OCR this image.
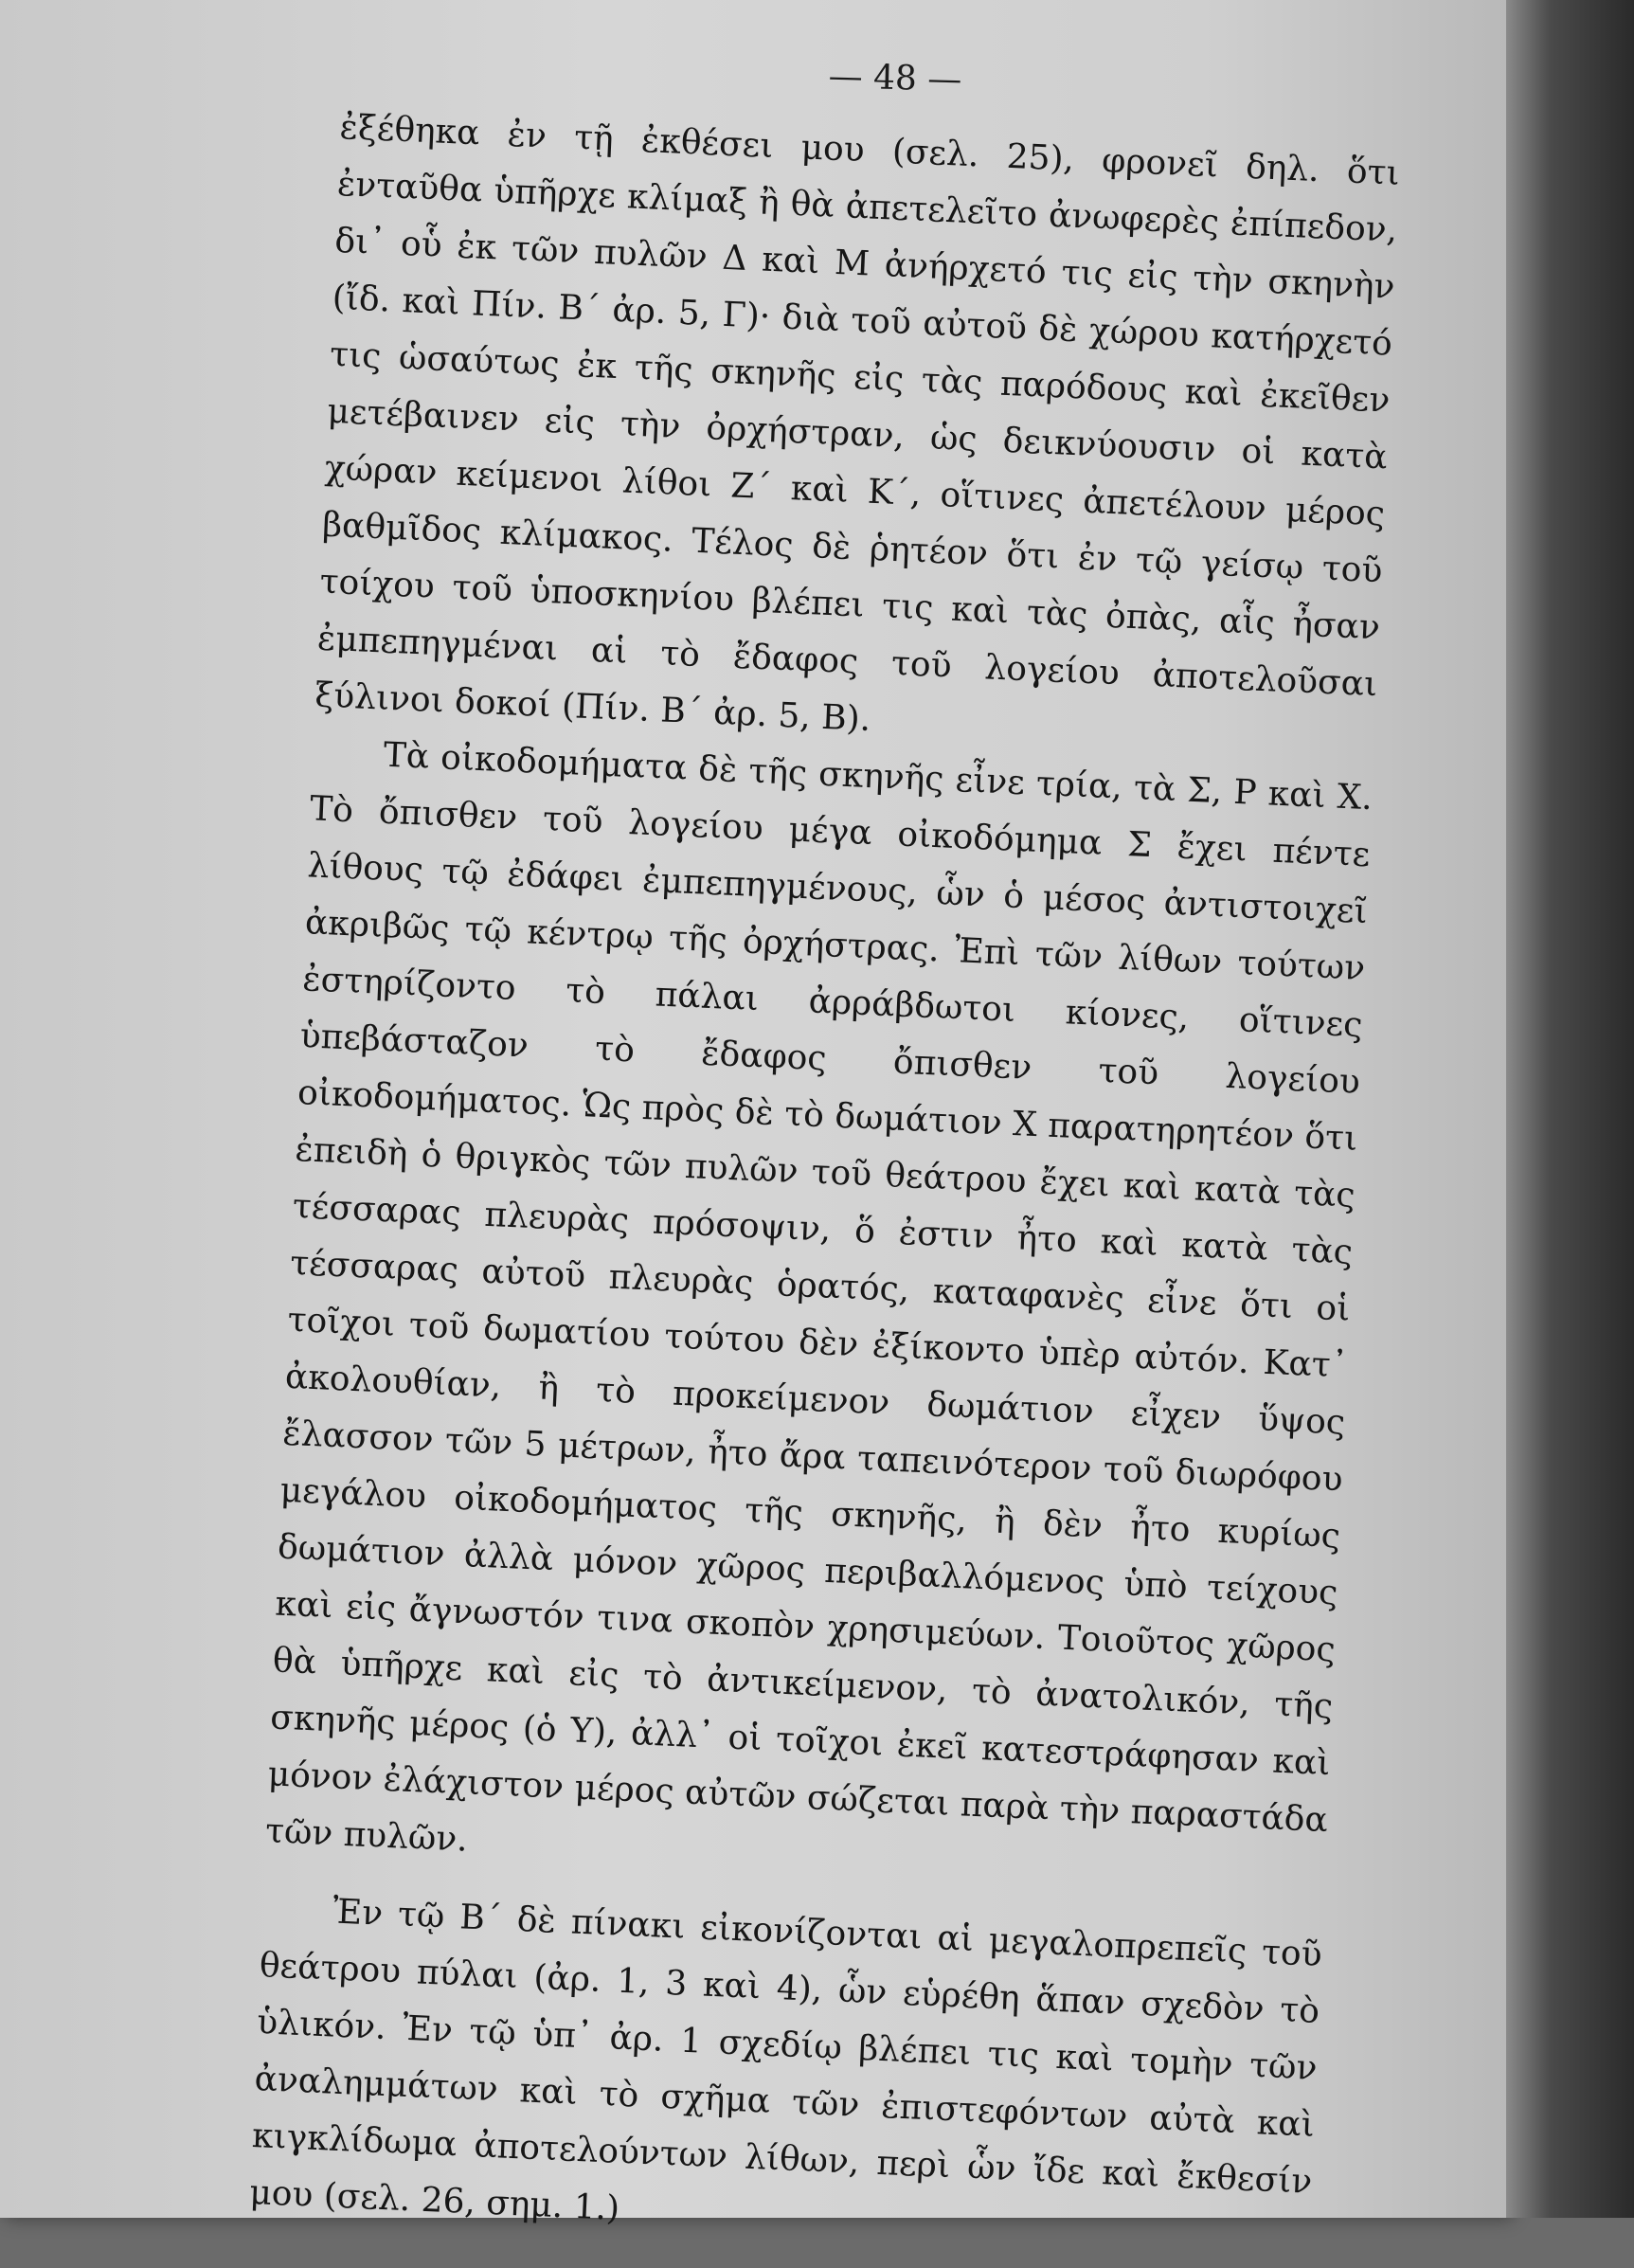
— 48 —

ἐξέθηκα ἐν τῇ ἐκθέσει μου (σελ. 25), φρονεῖ δηλ. ὅτι ἐνταῦθα ὑπῆρχε κλίμαξ ἢ θὰ ἀπετελεῖτο ἀνωφερὲς ἐπίπεδον, δι᾽ οὗ ἐκ τῶν πυλῶν Δ καὶ Μ ἀνήρχετό τις εἰς τὴν σκηνὴν (ἴδ. καὶ Πίν. Β´ ἀρ. 5, Γ)· διὰ τοῦ αὐτοῦ δὲ χώρου κατήρχετό τις ὡσαύτως ἐκ τῆς σκηνῆς εἰς τὰς παρόδους καὶ ἐκεῖθεν μετέβαινεν εἰς τὴν ὀρχήστραν, ὡς δεικνύουσιν οἱ κατὰ χώραν κείμενοι λίθοι Ζ´ καὶ Κ´, οἵτινες ἀπετέλουν μέρος βαθμῖδος κλίμακος. Τέλος δὲ ῥητέον ὅτι ἐν τῷ γείσῳ τοῦ τοίχου τοῦ ὑποσκηνίου βλέπει τις καὶ τὰς ὀπὰς, αἷς ἦσαν ἐμπεπηγμέναι αἱ τὸ ἔδαφος τοῦ λογείου ἀποτελοῦσαι ξύλινοι δοκοί (Πίν. Β´ ἀρ. 5, Β).

Τὰ οἰκοδομήματα δὲ τῆς σκηνῆς εἶνε τρία, τὰ Σ, Ρ καὶ Χ. Τὸ ὄπισθεν τοῦ λογείου μέγα οἰκοδόμημα Σ ἔχει πέντε λίθους τῷ ἐδάφει ἐμπεπηγμένους, ὧν ὁ μέσος ἀντιστοιχεῖ ἀκριβῶς τῷ κέντρῳ τῆς ὀρχήστρας. Ἐπὶ τῶν λίθων τούτων ἐστηρίζοντο τὸ πάλαι ἀρράβδωτοι κίονες, οἵτινες ὑπεβάσταζον τὸ ἔδαφος ὄπισθεν τοῦ λογείου οἰκοδομήματος. Ὡς πρὸς δὲ τὸ δωμάτιον Χ παρατηρητέον ὅτι ἐπειδὴ ὁ θριγκὸς τῶν πυλῶν τοῦ θεάτρου ἔχει καὶ κατὰ τὰς τέσσαρας πλευρὰς πρόσοψιν, ὅ ἐστιν ἦτο καὶ κατὰ τὰς τέσσαρας αὐτοῦ πλευρὰς ὁρατός, καταφανὲς εἶνε ὅτι οἱ τοῖχοι τοῦ δωματίου τούτου δὲν ἐξίκοντο ὑπὲρ αὐτόν. Κατ᾽ ἀκολουθίαν, ἢ τὸ προκείμενον δωμάτιον εἶχεν ὕψος ἔλασσον τῶν 5 μέτρων, ἦτο ἄρα ταπεινότερον τοῦ διωρόφου μεγάλου οἰκοδομήματος τῆς σκηνῆς, ἢ δὲν ἦτο κυρίως δωμάτιον ἀλλὰ μόνον χῶρος περιβαλλόμενος ὑπὸ τείχους καὶ εἰς ἄγνωστόν τινα σκοπὸν χρησιμεύων. Τοιοῦτος χῶρος θὰ ὑπῆρχε καὶ εἰς τὸ ἀντικείμενον, τὸ ἀνατολικόν, τῆς σκηνῆς μέρος (ὁ Υ), ἀλλ᾽ οἱ τοῖχοι ἐκεῖ κατεστράφησαν καὶ μόνον ἐλάχιστον μέρος αὐτῶν σώζεται παρὰ τὴν παραστάδα τῶν πυλῶν.

Ἐν τῷ Β´ δὲ πίνακι εἰκονίζονται αἱ μεγαλοπρεπεῖς τοῦ θεάτρου πύλαι (ἀρ. 1, 3 καὶ 4), ὧν εὑρέθη ἅπαν σχεδὸν τὸ ὑλικόν. Ἐν τῷ ὑπ᾽ ἀρ. 1 σχεδίῳ βλέπει τις καὶ τομὴν τῶν ἀναλημμάτων καὶ τὸ σχῆμα τῶν ἐπιστεφόντων αὐτὰ καὶ κιγκλίδωμα ἀποτελούντων λίθων, περὶ ὧν ἴδε καὶ ἔκθεσίν μου (σελ. 26, σημ. 1.)
